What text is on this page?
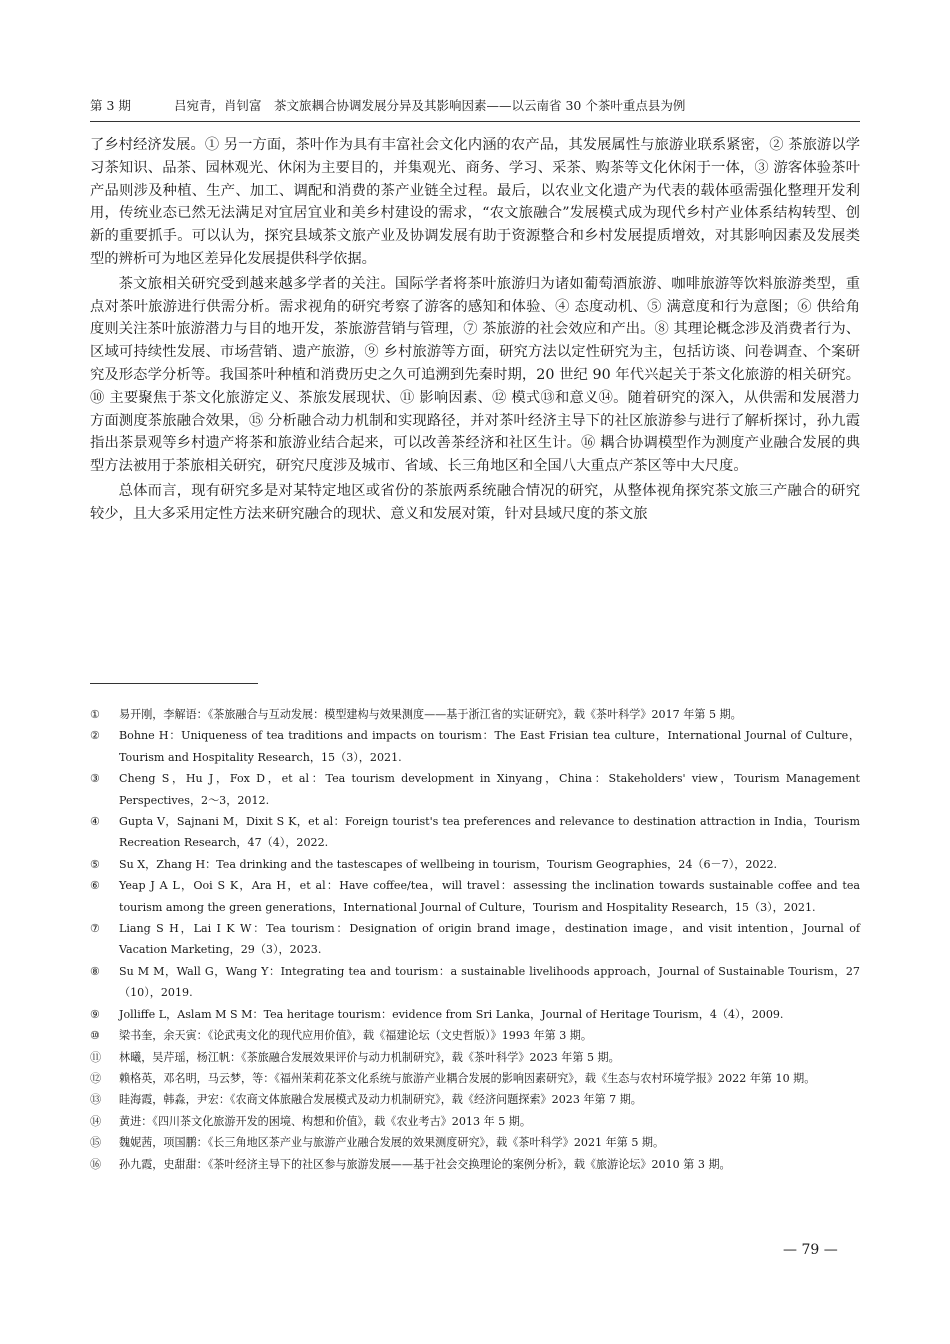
第 3 期	吕宛青，肖钊富　茶文旅耦合协调发展分异及其影响因素——以云南省 30 个茶叶重点县为例

了乡村经济发展。① 另一方面，茶叶作为具有丰富社会文化内涵的农产品，其发展属性与旅游业联系紧密，② 茶旅游以学习茶知识、品茶、园林观光、休闲为主要目的，并集观光、商务、学习、采茶、购茶等文化休闲于一体，③ 游客体验茶叶产品则涉及种植、生产、加工、调配和消费的茶产业链全过程。最后，以农业文化遗产为代表的载体亟需强化整理开发利用，传统业态已然无法满足对宜居宜业和美乡村建设的需求，“农文旅融合”发展模式成为现代乡村产业体系结构转型、创新的重要抓手。可以认为，探究县域茶文旅产业及协调发展有助于资源整合和乡村发展提质增效，对其影响因素及发展类型的辨析可为地区差异化发展提供科学依据。

茶文旅相关研究受到越来越多学者的关注。国际学者将茶叶旅游归为诸如葡萄酒旅游、咖啡旅游等饮料旅游类型，重点对茶叶旅游进行供需分析。需求视角的研究考察了游客的感知和体验、④ 态度动机、⑤ 满意度和行为意图；⑥ 供给角度则关注茶叶旅游潜力与目的地开发，茶旅游营销与管理，⑦ 茶旅游的社会效应和产出。⑧ 其理论概念涉及消费者行为、区域可持续性发展、市场营销、遗产旅游，⑨ 乡村旅游等方面，研究方法以定性研究为主，包括访谈、问卷调查、个案研究及形态学分析等。我国茶叶种植和消费历史之久可追溯到先秦时期，20 世纪 90 年代兴起关于茶文化旅游的相关研究。⑩ 主要聚焦于茶文化旅游定义、茶旅发展现状、⑪ 影响因素、⑫ 模式⑬和意义⑭。随着研究的深入，从供需和发展潜力方面测度茶旅融合效果，⑮ 分析融合动力机制和实现路径，并对茶叶经济主导下的社区旅游参与进行了解析探讨，孙九霞指出茶景观等乡村遗产将茶和旅游业结合起来，可以改善茶经济和社区生计。⑯ 耦合协调模型作为测度产业融合发展的典型方法被用于茶旅相关研究，研究尺度涉及城市、省域、长三角地区和全国八大重点产茶区等中大尺度。

总体而言，现有研究多是对某特定地区或省份的茶旅两系统融合情况的研究，从整体视角探究茶文旅三产融合的研究较少，且大多采用定性方法来研究融合的现状、意义和发展对策，针对县域尺度的茶文旅

①	易开刚，李解语：《茶旅融合与互动发展：模型建构与效果测度——基于浙江省的实证研究》，载《茶叶科学》2017 年第 5 期。
②	Bohne H：Uniqueness of tea traditions and impacts on tourism：The East Frisian tea culture，International Journal of Culture，Tourism and Hospitality Research，15（3），2021.
③	Cheng S，Hu J，Fox D，et al：Tea tourism development in Xinyang，China：Stakeholders' view，Tourism Management Perspectives，2～3，2012.
④	Gupta V，Sajnani M，Dixit S K，et al：Foreign tourist's tea preferences and relevance to destination attraction in India，Tourism Recreation Research，47（4），2022.
⑤	Su X，Zhang H：Tea drinking and the tastescapes of wellbeing in tourism，Tourism Geographies，24（6－7），2022.
⑥	Yeap J A L，Ooi S K，Ara H，et al：Have coffee/tea，will travel：assessing the inclination towards sustainable coffee and tea tourism among the green generations，International Journal of Culture，Tourism and Hospitality Research，15（3），2021.
⑦	Liang S H，Lai I K W：Tea tourism：Designation of origin brand image，destination image，and visit intention，Journal of Vacation Marketing，29（3），2023.
⑧	Su M M，Wall G，Wang Y：Integrating tea and tourism：a sustainable livelihoods approach，Journal of Sustainable Tourism，27（10），2019.
⑨	Jolliffe L，Aslam M S M：Tea heritage tourism：evidence from Sri Lanka，Journal of Heritage Tourism，4（4），2009.
⑩	梁书奎，余天寅：《论武夷文化的现代应用价值》，载《福建论坛（文史哲版）》1993 年第 3 期。
⑪	林曦，吴芹瑶，杨江帆：《茶旅融合发展效果评价与动力机制研究》，载《茶叶科学》2023 年第 5 期。
⑫	赖格英，邓名明，马云梦，等：《福州茉莉花茶文化系统与旅游产业耦合发展的影响因素研究》，载《生态与农村环境学报》2022 年第 10 期。
⑬	眭海霞，韩淼，尹宏：《农商文体旅融合发展模式及动力机制研究》，载《经济问题探索》2023 年第 7 期。
⑭	黄进：《四川茶文化旅游开发的困境、构想和价值》，载《农业考古》2013 年 5 期。
⑮	魏妮茜，项国鹏：《长三角地区茶产业与旅游产业融合发展的效果测度研究》，载《茶叶科学》2021 年第 5 期。
⑯	孙九霞，史甜甜：《茶叶经济主导下的社区参与旅游发展——基于社会交换理论的案例分析》，载《旅游论坛》2010 第 3 期。
— 79 —
